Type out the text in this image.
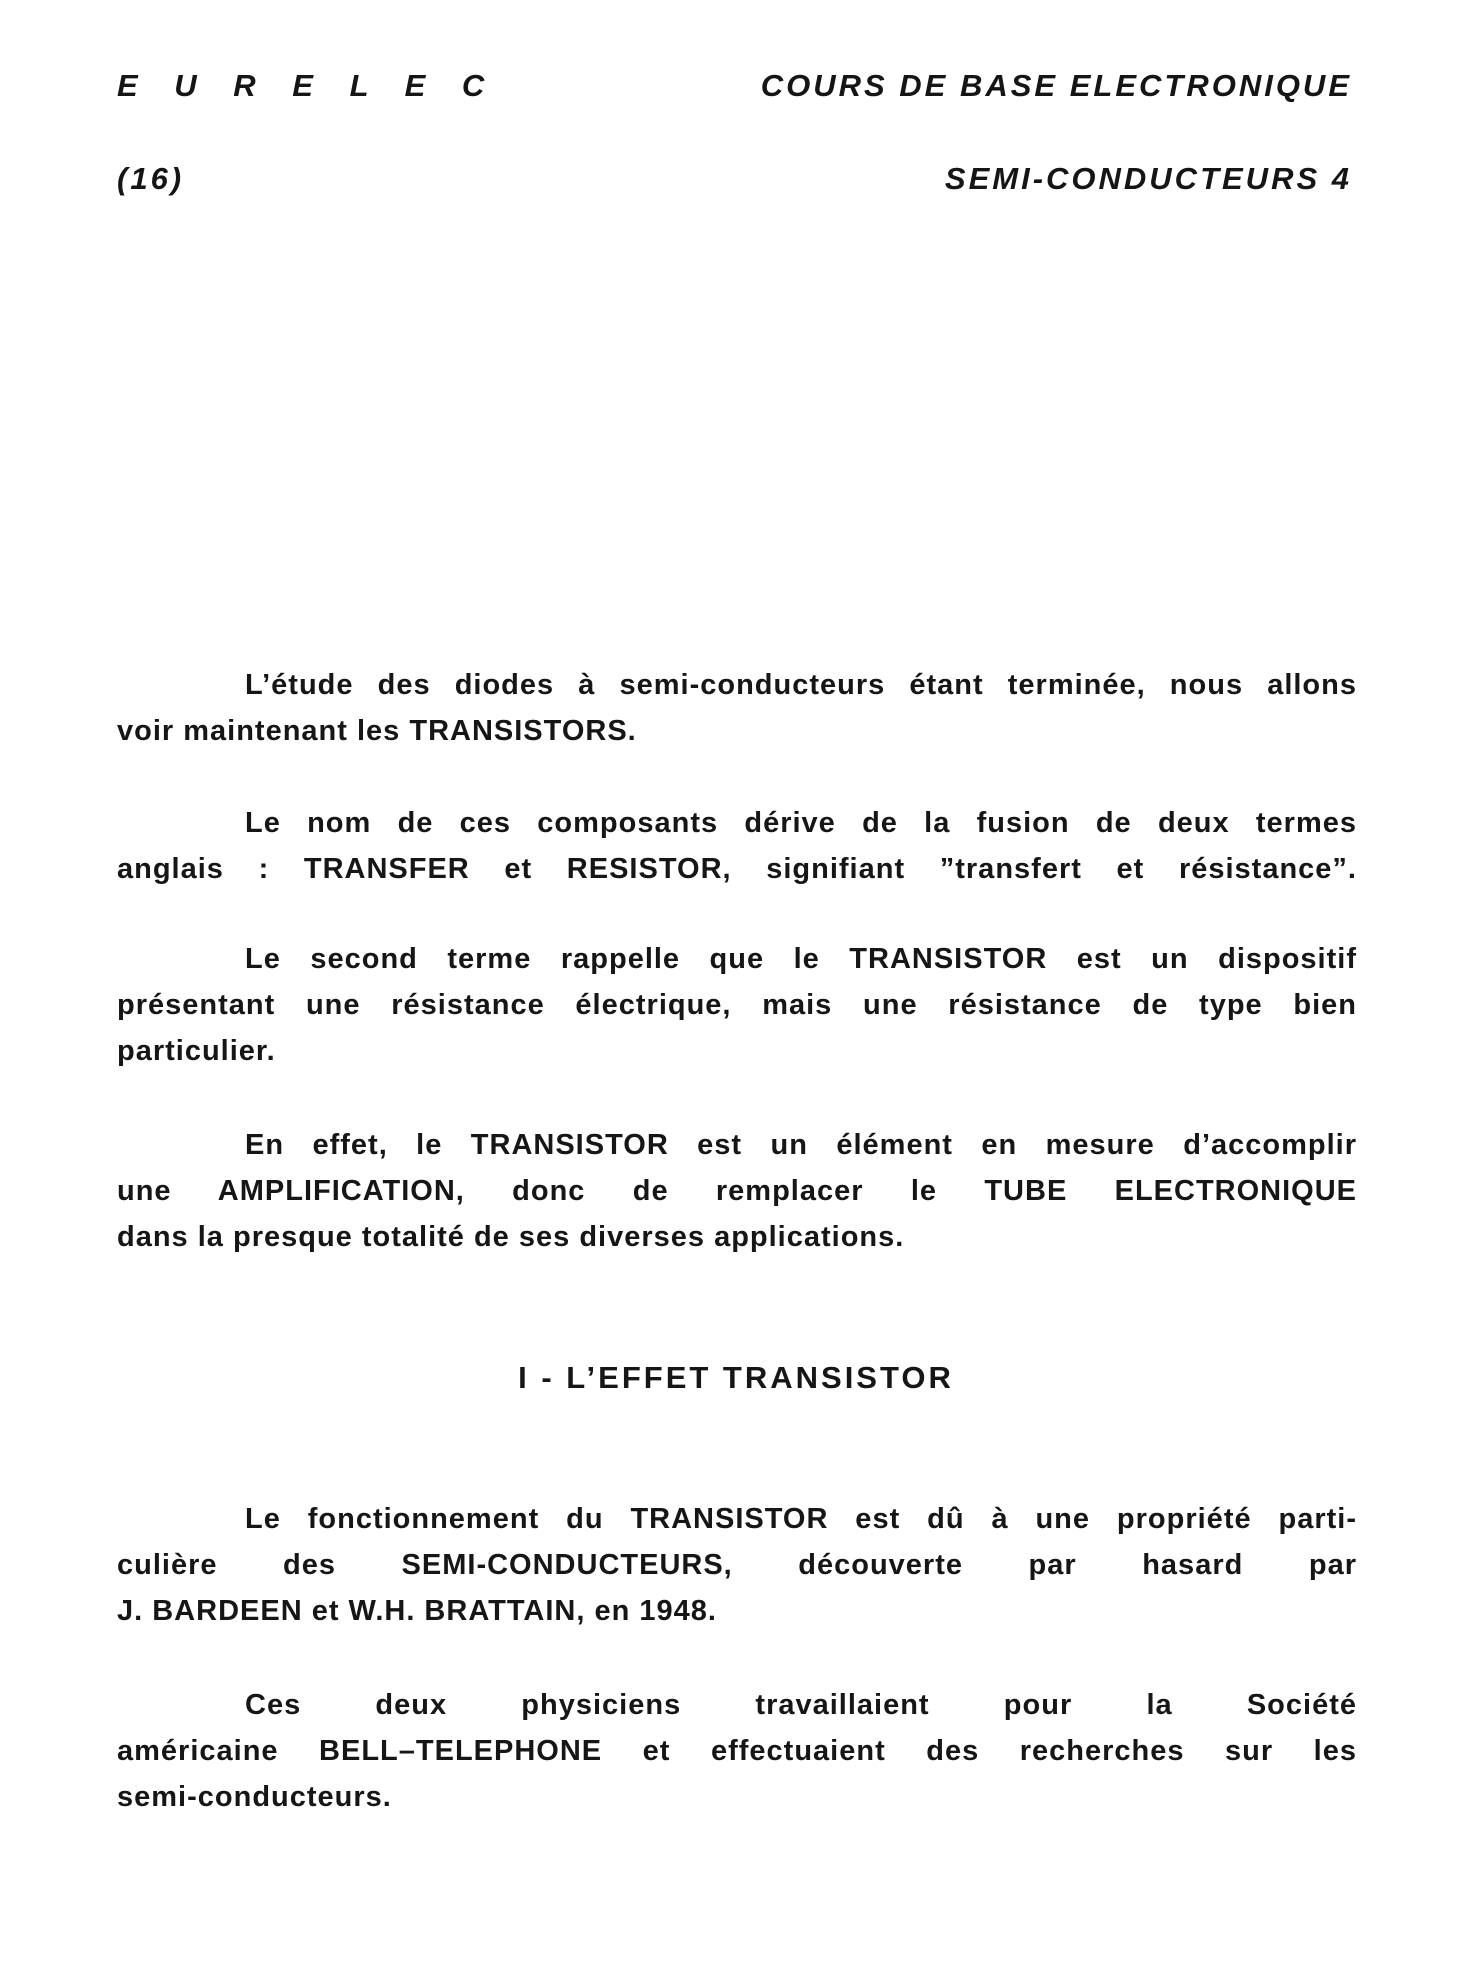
E U R E L E C	COURS DE BASE ELECTRONIQUE
(16)	SEMI-CONDUCTEURS 4
L’étude des diodes à semi-conducteurs étant terminée, nous allons
voir maintenant les TRANSISTORS.
Le nom de ces composants dérive de la fusion de deux termes
anglais : TRANSFER et RESISTOR, signifiant ”transfert et résistance”.
Le second terme rappelle que le TRANSISTOR est un dispositif
présentant une résistance électrique, mais une résistance de type bien
particulier.
En effet, le TRANSISTOR est un élément en mesure d’accomplir
une AMPLIFICATION, donc de remplacer le TUBE ELECTRONIQUE
dans la presque totalité de ses diverses applications.
I - L’EFFET TRANSISTOR
Le fonctionnement du TRANSISTOR est dû à une propriété parti-
culière des SEMI-CONDUCTEURS, découverte par hasard par
J. BARDEEN et W.H. BRATTAIN, en 1948.
Ces deux physiciens travaillaient pour la Société
américaine BELL–TELEPHONE et effectuaient des recherches sur les
semi-conducteurs.
